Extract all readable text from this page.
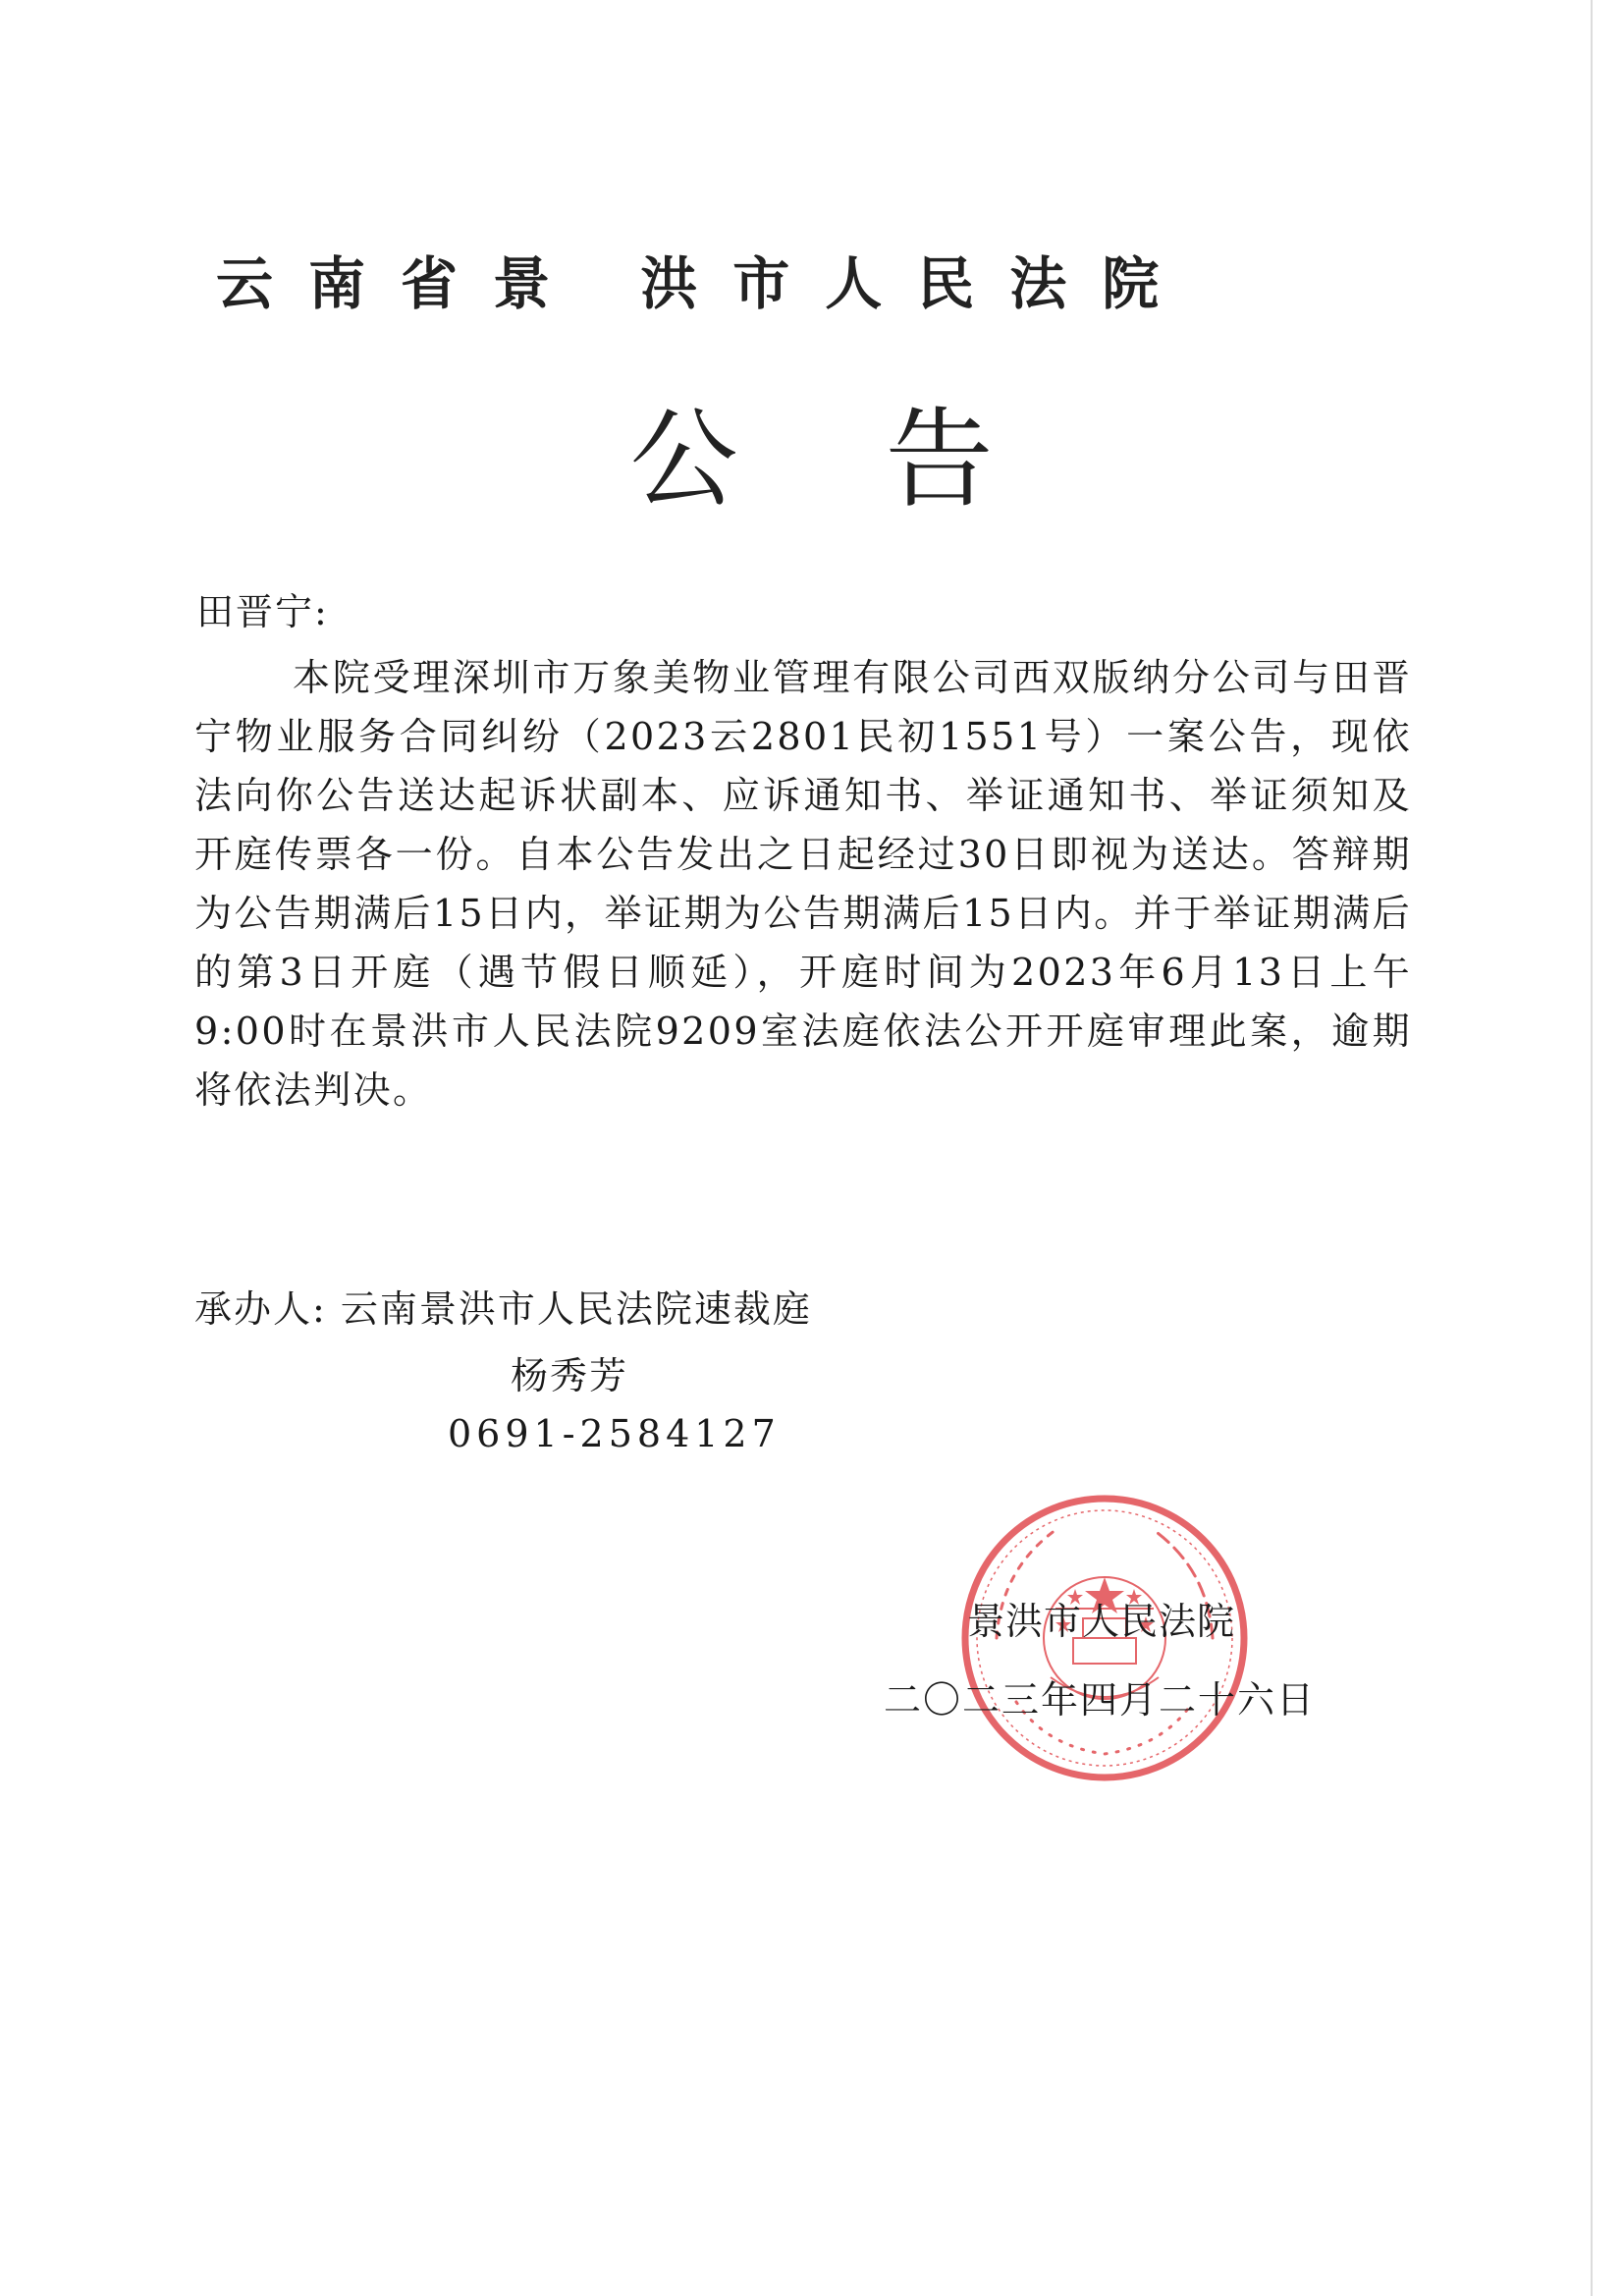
云南省景 洪市人民法院
公告
田晋宁:
本院受理深圳市万象美物业管理有限公司西双版纳分公司与田晋宁物业服务合同纠纷（2023云2801民初1551号）一案公告，现依法向你公告送达起诉状副本、应诉通知书、举证通知书、举证须知及开庭传票各一份。自本公告发出之日起经过30日即视为送达。答辩期为公告期满后15日内，举证期为公告期满后15日内。并于举证期满后的第3日开庭（遇节假日顺延），开庭时间为2023年6月13日上午9:00时在景洪市人民法院9209室法庭依法公开开庭审理此案，逾期将依法判决。
承办人: 云南景洪市人民法院速裁庭
杨秀芳
0691-2584127
景洪市人民法院
二〇二三年四月二十六日
